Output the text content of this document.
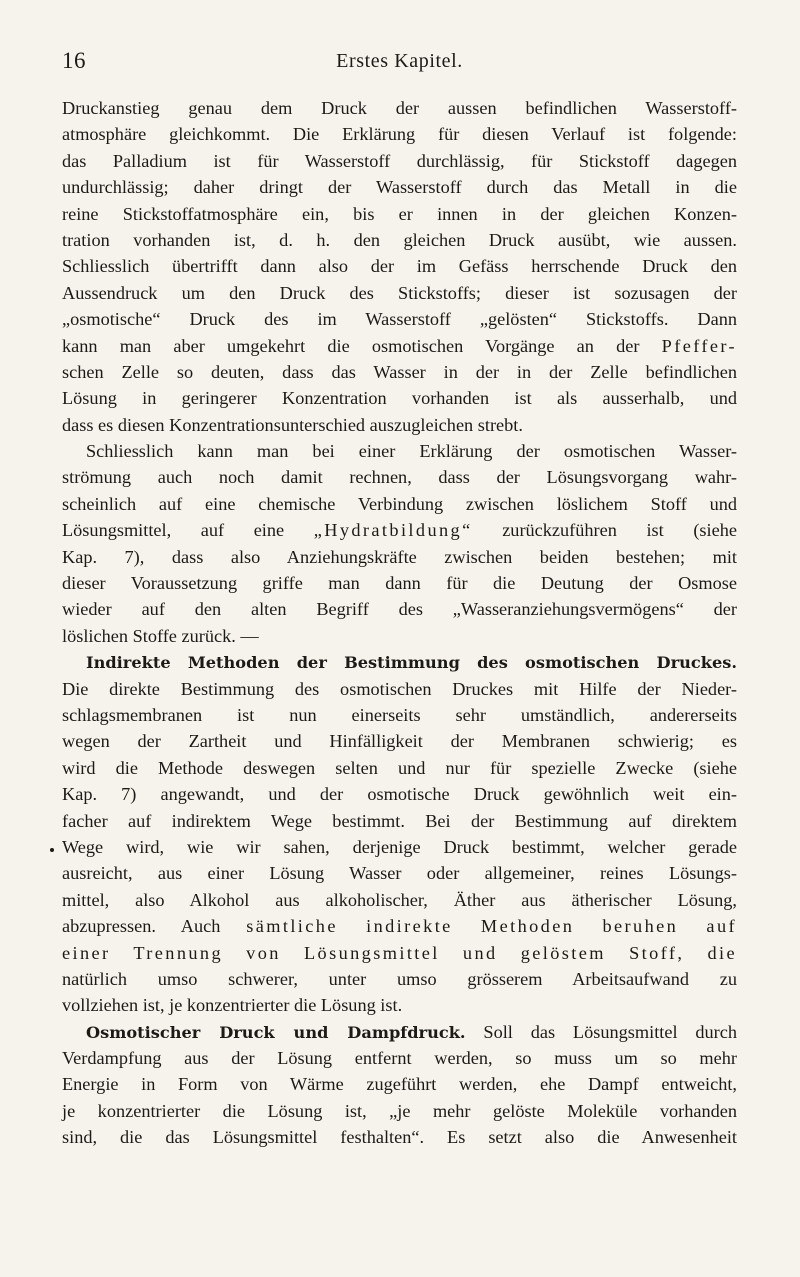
16	Erstes Kapitel.
Druckanstieg genau dem Druck der aussen befindlichen Wasserstoff-
atmosphäre gleichkommt. Die Erklärung für diesen Verlauf ist folgende:
das Palladium ist für Wasserstoff durchlässig, für Stickstoff dagegen
undurchlässig; daher dringt der Wasserstoff durch das Metall in die
reine Stickstoffatmosphäre ein, bis er innen in der gleichen Konzen-
tration vorhanden ist, d. h. den gleichen Druck ausübt, wie aussen.
Schliesslich übertrifft dann also der im Gefäss herrschende Druck den
Aussendruck um den Druck des Stickstoffs; dieser ist sozusagen der
„osmotische“ Druck des im Wasserstoff „gelösten“ Stickstoffs. Dann
kann man aber umgekehrt die osmotischen Vorgänge an der Pfeffer-
schen Zelle so deuten, dass das Wasser in der in der Zelle befindlichen
Lösung in geringerer Konzentration vorhanden ist als ausserhalb, und
dass es diesen Konzentrationsunterschied auszugleichen strebt.
Schliesslich kann man bei einer Erklärung der osmotischen Wasser-
strömung auch noch damit rechnen, dass der Lösungsvorgang wahr-
scheinlich auf eine chemische Verbindung zwischen löslichem Stoff und
Lösungsmittel, auf eine „Hydratbildung“ zurückzuführen ist (siehe
Kap. 7), dass also Anziehungskräfte zwischen beiden bestehen; mit
dieser Voraussetzung griffe man dann für die Deutung der Osmose
wieder auf den alten Begriff des „Wasseranziehungsvermögens“ der
löslichen Stoffe zurück. —
Indirekte Methoden der Bestimmung des osmotischen Druckes.
Die direkte Bestimmung des osmotischen Druckes mit Hilfe der Nieder-
schlagsmembranen ist nun einerseits sehr umständlich, andererseits
wegen der Zartheit und Hinfälligkeit der Membranen schwierig; es
wird die Methode deswegen selten und nur für spezielle Zwecke (siehe
Kap. 7) angewandt, und der osmotische Druck gewöhnlich weit ein-
facher auf indirektem Wege bestimmt. Bei der Bestimmung auf direktem
Wege wird, wie wir sahen, derjenige Druck bestimmt, welcher gerade
ausreicht, aus einer Lösung Wasser oder allgemeiner, reines Lösungs-
mittel, also Alkohol aus alkoholischer, Äther aus ätherischer Lösung,
abzupressen. Auch sämtliche indirekte Methoden beruhen auf
einer Trennung von Lösungsmittel und gelöstem Stoff, die
natürlich umso schwerer, unter umso grösserem Arbeitsaufwand zu
vollziehen ist, je konzentrierter die Lösung ist.
Osmotischer Druck und Dampfdruck. Soll das Lösungsmittel durch
Verdampfung aus der Lösung entfernt werden, so muss um so mehr
Energie in Form von Wärme zugeführt werden, ehe Dampf entweicht,
je konzentrierter die Lösung ist, „je mehr gelöste Moleküle vorhanden
sind, die das Lösungsmittel festhalten“. Es setzt also die Anwesenheit
